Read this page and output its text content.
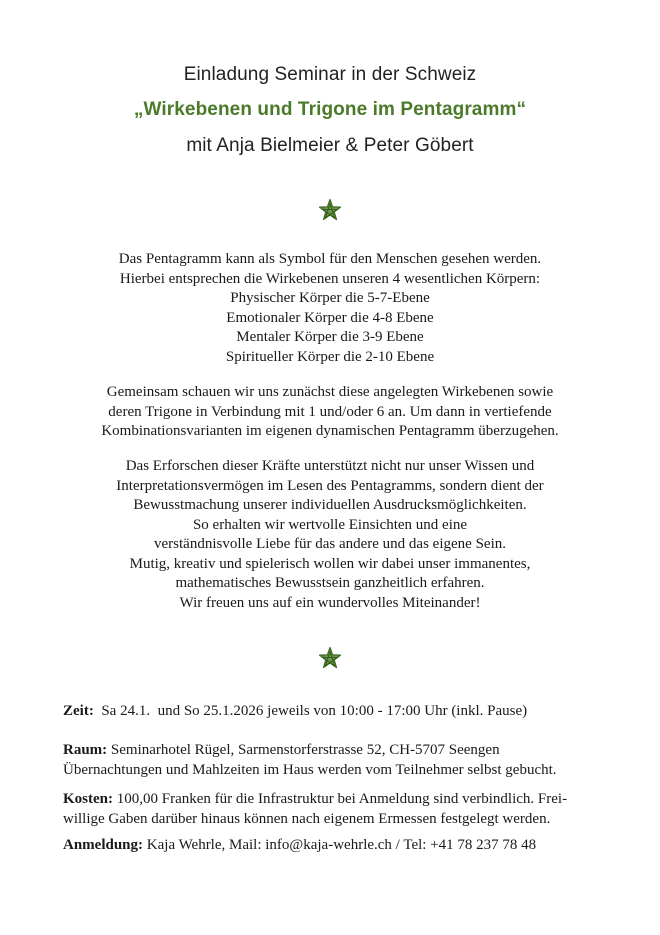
Einladung Seminar in der Schweiz
„Wirkebenen und Trigone im Pentagramm“
mit Anja Bielmeier & Peter Göbert
Das Pentagramm kann als Symbol für den Menschen gesehen werden.
Hierbei entsprechen die Wirkebenen unseren 4 wesentlichen Körpern:
Physischer Körper die 5-7-Ebene
Emotionaler Körper die 4-8 Ebene
Mentaler Körper die 3-9 Ebene
Spiritueller Körper die 2-10 Ebene
Gemeinsam schauen wir uns zunächst diese angelegten Wirkebenen sowie
deren Trigone in Verbindung mit 1 und/oder 6 an. Um dann in vertiefende
Kombinationsvarianten im eigenen dynamischen Pentagramm überzugehen.
Das Erforschen dieser Kräfte unterstützt nicht nur unser Wissen und
Interpretationsvermögen im Lesen des Pentagramms, sondern dient der
Bewusstmachung unserer individuellen Ausdrucksmöglichkeiten.
So erhalten wir wertvolle Einsichten und eine
verständnisvolle Liebe für das andere und das eigene Sein.
Mutig, kreativ und spielerisch wollen wir dabei unser immanentes,
mathematisches Bewusstsein ganzheitlich erfahren.
Wir freuen uns auf ein wundervolles Miteinander!
Zeit: Sa 24.1.  und So 25.1.2026 jeweils von 10:00 - 17:00 Uhr (inkl. Pause)
Raum: Seminarhotel Rügel, Sarmenstorferstrasse 52, CH-5707 Seengen
Übernachtungen und Mahlzeiten im Haus werden vom Teilnehmer selbst gebucht.
Kosten: 100,00 Franken für die Infrastruktur bei Anmeldung sind verbindlich. Frei-
willige Gaben darüber hinaus können nach eigenem Ermessen festgelegt werden.
Anmeldung: Kaja Wehrle, Mail: info@kaja-wehrle.ch / Tel: +41 78 237 78 48
